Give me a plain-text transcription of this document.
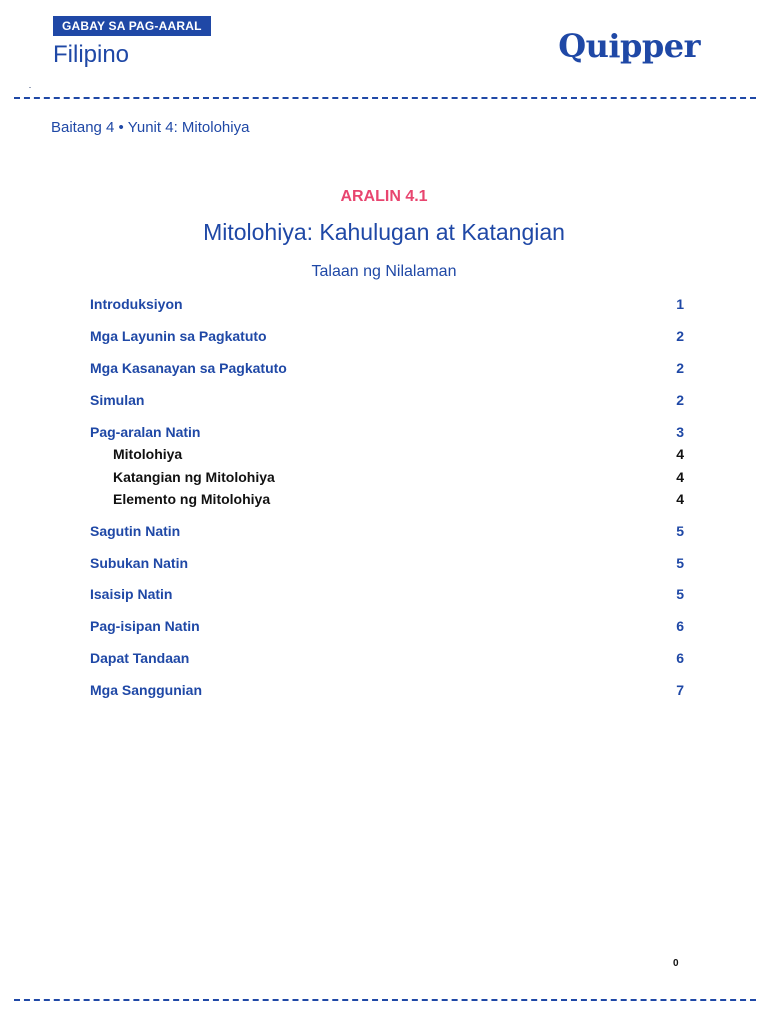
GABAY SA PAG-AARAL
Filipino	Quipper
Baitang 4 • Yunit 4: Mitolohiya
ARALIN 4.1
Mitolohiya: Kahulugan at Katangian
Talaan ng Nilalaman
Introduksiyon	1
Mga Layunin sa Pagkatuto	2
Mga Kasanayan sa Pagkatuto	2
Simulan	2
Pag-aralan Natin	3
Mitolohiya	4
Katangian ng Mitolohiya	4
Elemento ng Mitolohiya	4
Sagutin Natin	5
Subukan Natin	5
Isaisip Natin	5
Pag-isipan Natin	6
Dapat Tandaan	6
Mga Sanggunian	7
0
